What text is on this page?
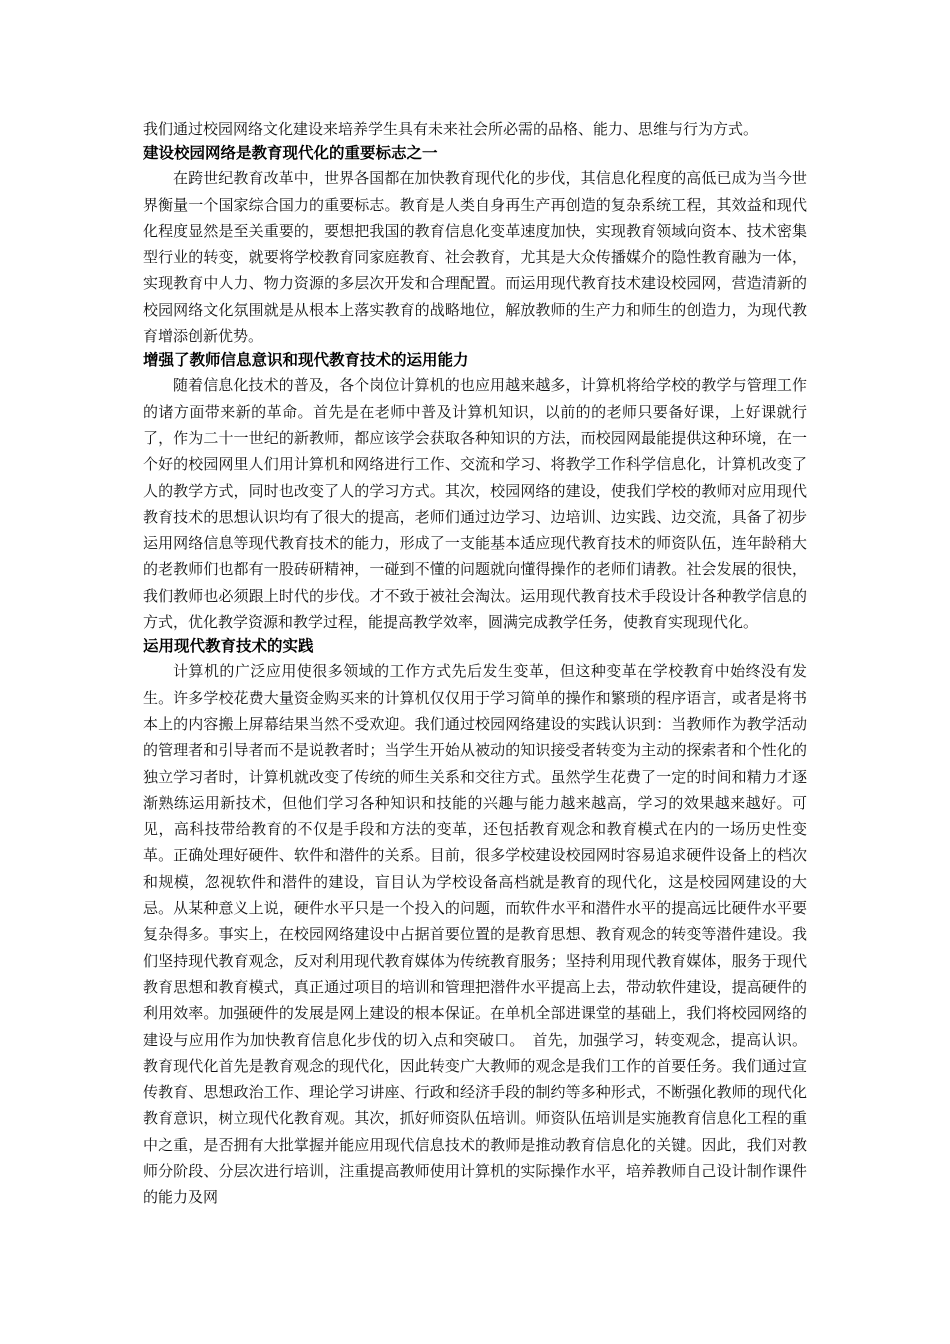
我们通过校园网络文化建设来培养学生具有未来社会所必需的品格、能力、思维与行为方式。

建设校园网络是教育现代化的重要标志之一

在跨世纪教育改革中，世界各国都在加快教育现代化的步伐，其信息化程度的高低已成为当今世界衡量一个国家综合国力的重要标志。教育是人类自身再生产再创造的复杂系统工程，其效益和现代化程度显然是至关重要的，要想把我国的教育信息化变革速度加快，实现教育领域向资本、技术密集型行业的转变，就要将学校教育同家庭教育、社会教育，尤其是大众传播媒介的隐性教育融为一体，实现教育中人力、物力资源的多层次开发和合理配置。而运用现代教育技术建设校园网，营造清新的校园网络文化氛围就是从根本上落实教育的战略地位，解放教师的生产力和师生的创造力，为现代教育增添创新优势。

增强了教师信息意识和现代教育技术的运用能力

随着信息化技术的普及，各个岗位计算机的也应用越来越多，计算机将给学校的教学与管理工作的诸方面带来新的革命。首先是在老师中普及计算机知识，以前的的老师只要备好课，上好课就行了，作为二十一世纪的新教师，都应该学会获取各种知识的方法，而校园网最能提供这种环境，在一个好的校园网里人们用计算机和网络进行工作、交流和学习、将教学工作科学信息化，计算机改变了人的教学方式，同时也改变了人的学习方式。其次，校园网络的建设，使我们学校的教师对应用现代教育技术的思想认识均有了很大的提高，老师们通过边学习、边培训、边实践、边交流，具备了初步运用网络信息等现代教育技术的能力，形成了一支能基本适应现代教育技术的师资队伍，连年龄稍大的老教师们也都有一股砖研精神，一碰到不懂的问题就向懂得操作的老师们请教。社会发展的很快，我们教师也必须跟上时代的步伐。才不致于被社会淘汰。运用现代教育技术手段设计各种教学信息的方式，优化教学资源和教学过程，能提高教学效率，圆满完成教学任务，使教育实现现代化。

运用现代教育技术的实践

计算机的广泛应用使很多领域的工作方式先后发生变革，但这种变革在学校教育中始终没有发生。许多学校花费大量资金购买来的计算机仅仅用于学习简单的操作和繁琐的程序语言，或者是将书本上的内容搬上屏幕结果当然不受欢迎。我们通过校园网络建设的实践认识到：当教师作为教学活动的管理者和引导者而不是说教者时；当学生开始从被动的知识接受者转变为主动的探索者和个性化的独立学习者时，计算机就改变了传统的师生关系和交往方式。虽然学生花费了一定的时间和精力才逐渐熟练运用新技术，但他们学习各种知识和技能的兴趣与能力越来越高，学习的效果越来越好。可见，高科技带给教育的不仅是手段和方法的变革，还包括教育观念和教育模式在内的一场历史性变革。正确处理好硬件、软件和潜件的关系。目前，很多学校建设校园网时容易追求硬件设备上的档次和规模，忽视软件和潜件的建设，盲目认为学校设备高档就是教育的现代化，这是校园网建设的大忌。从某种意义上说，硬件水平只是一个投入的问题，而软件水平和潜件水平的提高远比硬件水平要复杂得多。事实上，在校园网络建设中占据首要位置的是教育思想、教育观念的转变等潜件建设。我们坚持现代教育观念，反对利用现代教育媒体为传统教育服务；坚持利用现代教育媒体，服务于现代教育思想和教育模式，真正通过项目的培训和管理把潜件水平提高上去，带动软件建设，提高硬件的利用效率。加强硬件的发展是网上建设的根本保证。在单机全部进课堂的基础上，我们将校园网络的建设与应用作为加快教育信息化步伐的切入点和突破口。　首先，加强学习，转变观念，提高认识。教育现代化首先是教育观念的现代化，因此转变广大教师的观念是我们工作的首要任务。我们通过宣传教育、思想政治工作、理论学习讲座、行政和经济手段的制约等多种形式，不断强化教师的现代化教育意识，树立现代化教育观。其次，抓好师资队伍培训。师资队伍培训是实施教育信息化工程的重中之重，是否拥有大批掌握并能应用现代信息技术的教师是推动教育信息化的关键。因此，我们对教师分阶段、分层次进行培训，注重提高教师使用计算机的实际操作水平，培养教师自己设计制作课件的能力及网
